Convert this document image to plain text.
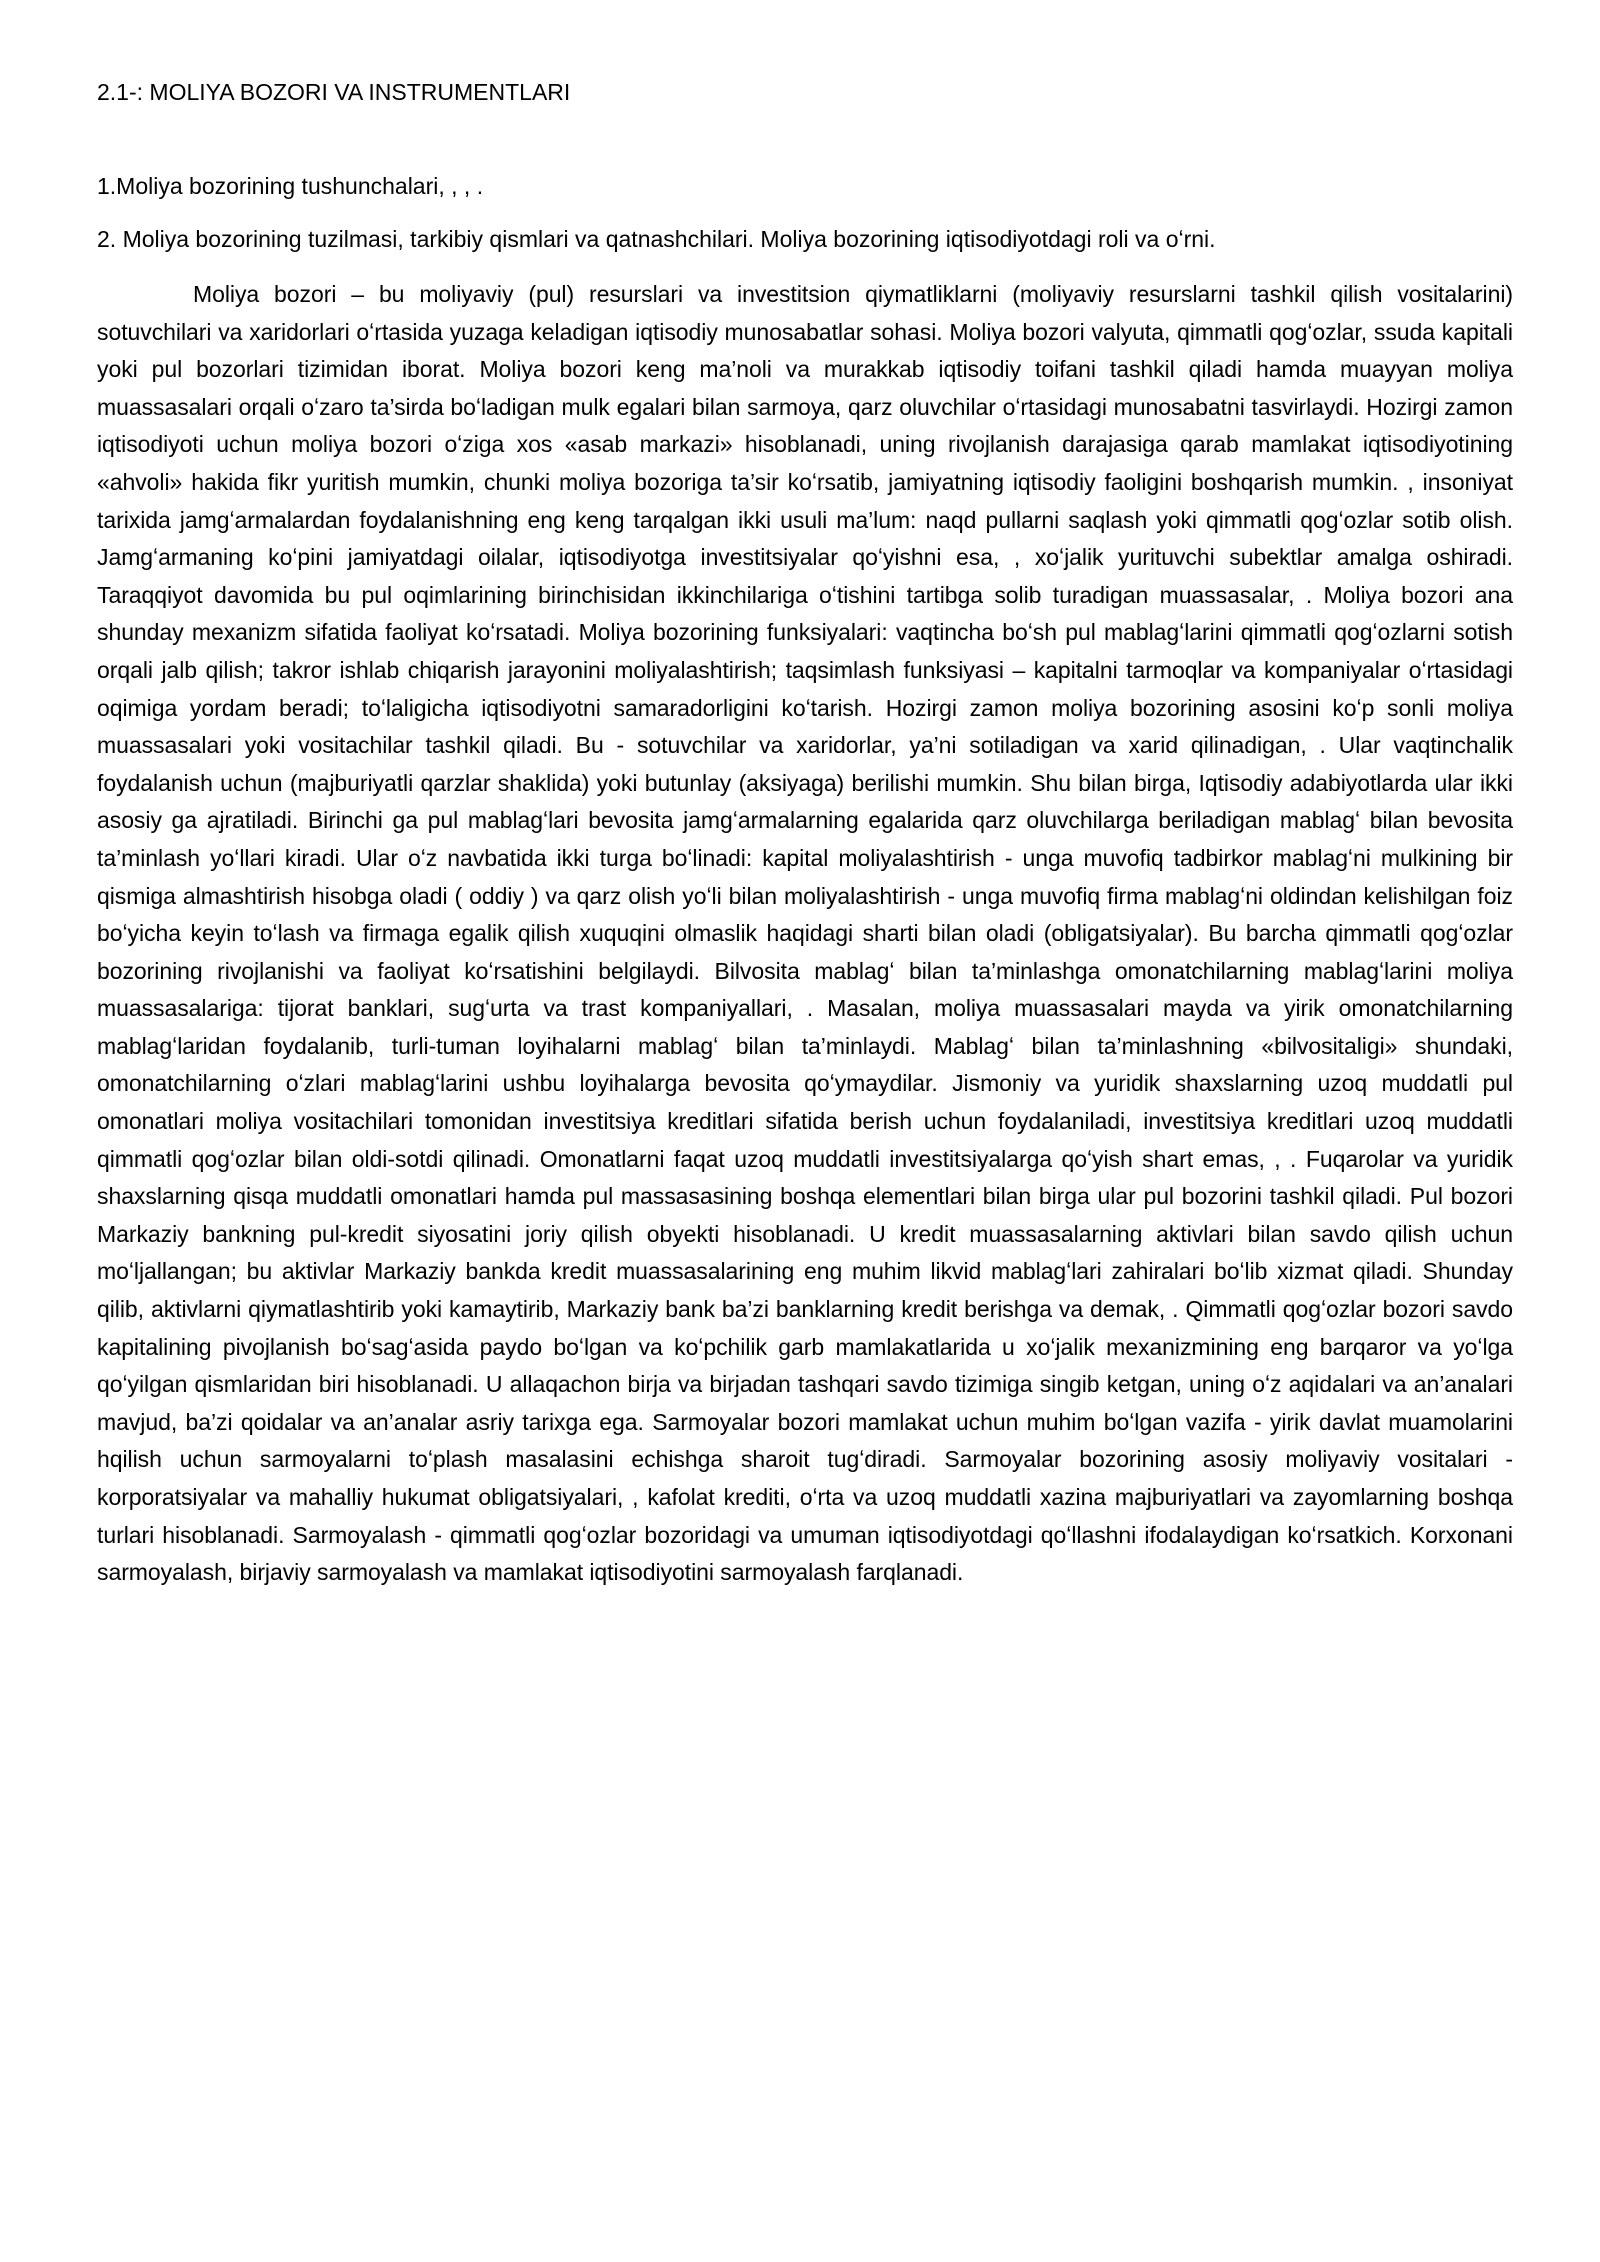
2.1-: MOLIYA BOZORI VA INSTRUMENTLARI

1.Moliya bozorining tushunchalari, , , .

2. Moliya bozorining tuzilmasi, tarkibiy qismlari va qatnashchilari. Moliya bozorining iqtisodiyotdagi roli va oʻrni.

Moliya bozori – bu moliyaviy (pul) resurslari va investitsion qiymatliklarni (moliyaviy resurslarni tashkil qilish vositalarini) sotuvchilari va xaridorlari oʻrtasida yuzaga keladigan iqtisodiy munosabatlar sohasi. Moliya bozori valyuta, qimmatli qogʻozlar, ssuda kapitali yoki pul bozorlari tizimidan iborat. Moliya bozori keng ma’noli va murakkab iqtisodiy toifani tashkil qiladi hamda muayyan moliya muassasalari orqali oʻzaro ta’sirda boʻladigan mulk egalari bilan sarmoya, qarz oluvchilar oʻrtasidagi munosabatni tasvirlaydi. Hozirgi zamon iqtisodiyoti uchun moliya bozori oʻziga xos «asab markazi» hisoblanadi, uning rivojlanish darajasiga qarab mamlakat iqtisodiyotining «ahvoli» hakida fikr yuritish mumkin, chunki moliya bozoriga ta’sir koʻrsatib, jamiyatning iqtisodiy faoligini boshqarish mumkin. , insoniyat tarixida jamgʻarmalardan foydalanishning eng keng tarqalgan ikki usuli ma’lum: naqd pullarni saqlash yoki qimmatli qogʻozlar sotib olish. Jamgʻarmaning koʻpini jamiyatdagi oilalar, iqtisodiyotga investitsiyalar qoʻyishni esa, , xoʻjalik yurituvchi subektlar amalga oshiradi. Taraqqiyot davomida bu pul oqimlarining birinchisidan ikkinchilariga oʻtishini tartibga solib turadigan muassasalar, . Moliya bozori ana shunday mexanizm sifatida faoliyat koʻrsatadi. Moliya bozorining funksiyalari: vaqtincha boʻsh pul mablagʻlarini qimmatli qogʻozlarni sotish orqali jalb qilish; takror ishlab chiqarish jarayonini moliyalashtirish; taqsimlash funksiyasi – kapitalni tarmoqlar va kompaniyalar oʻrtasidagi oqimiga yordam beradi; toʻlaligicha iqtisodiyotni samaradorligini koʻtarish. Hozirgi zamon moliya bozorining asosini koʻp sonli moliya muassasalari yoki vositachilar tashkil qiladi. Bu - sotuvchilar va xaridorlar, ya’ni sotiladigan va xarid qilinadigan, . Ular vaqtinchalik foydalanish uchun (majburiyatli qarzlar shaklida) yoki butunlay (aksiyaga) berilishi mumkin. Shu bilan birga, Iqtisodiy adabiyotlarda ular ikki asosiy ga ajratiladi. Birinchi ga pul mablagʻlari bevosita jamgʻarmalarning egalarida qarz oluvchilarga beriladigan mablagʻ bilan bevosita ta’minlash yoʻllari kiradi. Ular oʻz navbatida ikki turga boʻlinadi: kapital moliyalashtirish - unga muvofiq tadbirkor mablagʻni mulkining bir qismiga almashtirish hisobga oladi ( oddiy ) va qarz olish yoʻli bilan moliyalashtirish - unga muvofiq firma mablagʻni oldindan kelishilgan foiz boʻyicha keyin toʻlash va firmaga egalik qilish xuquqini olmaslik haqidagi sharti bilan oladi (obligatsiyalar). Bu barcha qimmatli qogʻozlar bozorining rivojlanishi va faoliyat koʻrsatishini belgilaydi. Bilvosita mablagʻ bilan ta’minlashga omonatchilarning mablagʻlarini moliya muassasalariga: tijorat banklari, sugʻurta va trast kompaniyallari, . Masalan, moliya muassasalari mayda va yirik omonatchilarning mablagʻlaridan foydalanib, turli-tuman loyihalarni mablagʻ bilan ta’minlaydi. Mablagʻ bilan ta’minlashning «bilvositaligi» shundaki, omonatchilarning oʻzlari mablagʻlarini ushbu loyihalarga bevosita qoʻymaydilar. Jismoniy va yuridik shaxslarning uzoq muddatli pul omonatlari moliya vositachilari tomonidan investitsiya kreditlari sifatida berish uchun foydalaniladi, investitsiya kreditlari uzoq muddatli qimmatli qogʻozlar bilan oldi-sotdi qilinadi. Omonatlarni faqat uzoq muddatli investitsiyalarga qoʻyish shart emas, , . Fuqarolar va yuridik shaxslarning qisqa muddatli omonatlari hamda pul massasasining boshqa elementlari bilan birga ular pul bozorini tashkil qiladi. Pul bozori Markaziy bankning pul-kredit siyosatini joriy qilish obyekti hisoblanadi. U kredit muassasalarning aktivlari bilan savdo qilish uchun moʻljallangan; bu aktivlar Markaziy bankda kredit muassasalarining eng muhim likvid mablagʻlari zahiralari boʻlib xizmat qiladi. Shunday qilib, aktivlarni qiymatlashtirib yoki kamaytirib, Markaziy bank ba’zi banklarning kredit berishga va demak, . Qimmatli qogʻozlar bozori savdo kapitalining pivojlanish boʻsagʻasida paydo boʻlgan va koʻpchilik garb mamlakatlarida u xoʻjalik mexanizmining eng barqaror va yoʻlga qoʻyilgan qismlaridan biri hisoblanadi. U allaqachon birja va birjadan tashqari savdo tizimiga singib ketgan, uning oʻz aqidalari va an’analari mavjud, ba’zi qoidalar va an’analar asriy tarixga ega. Sarmoyalar bozori mamlakat uchun muhim boʻlgan vazifa - yirik davlat muamolarini hqilish uchun sarmoyalarni toʻplash masalasini echishga sharoit tugʻdiradi. Sarmoyalar bozorining asosiy moliyaviy vositalari - korporatsiyalar va mahalliy hukumat obligatsiyalari, , kafolat krediti, oʻrta va uzoq muddatli xazina majburiyatlari va zayomlarning boshqa turlari hisoblanadi. Sarmoyalash - qimmatli qogʻozlar bozoridagi va umuman iqtisodiyotdagi qoʻllashni ifodalaydigan koʻrsatkich. Korxonani sarmoyalash, birjaviy sarmoyalash va mamlakat iqtisodiyotini sarmoyalash farqlanadi.
